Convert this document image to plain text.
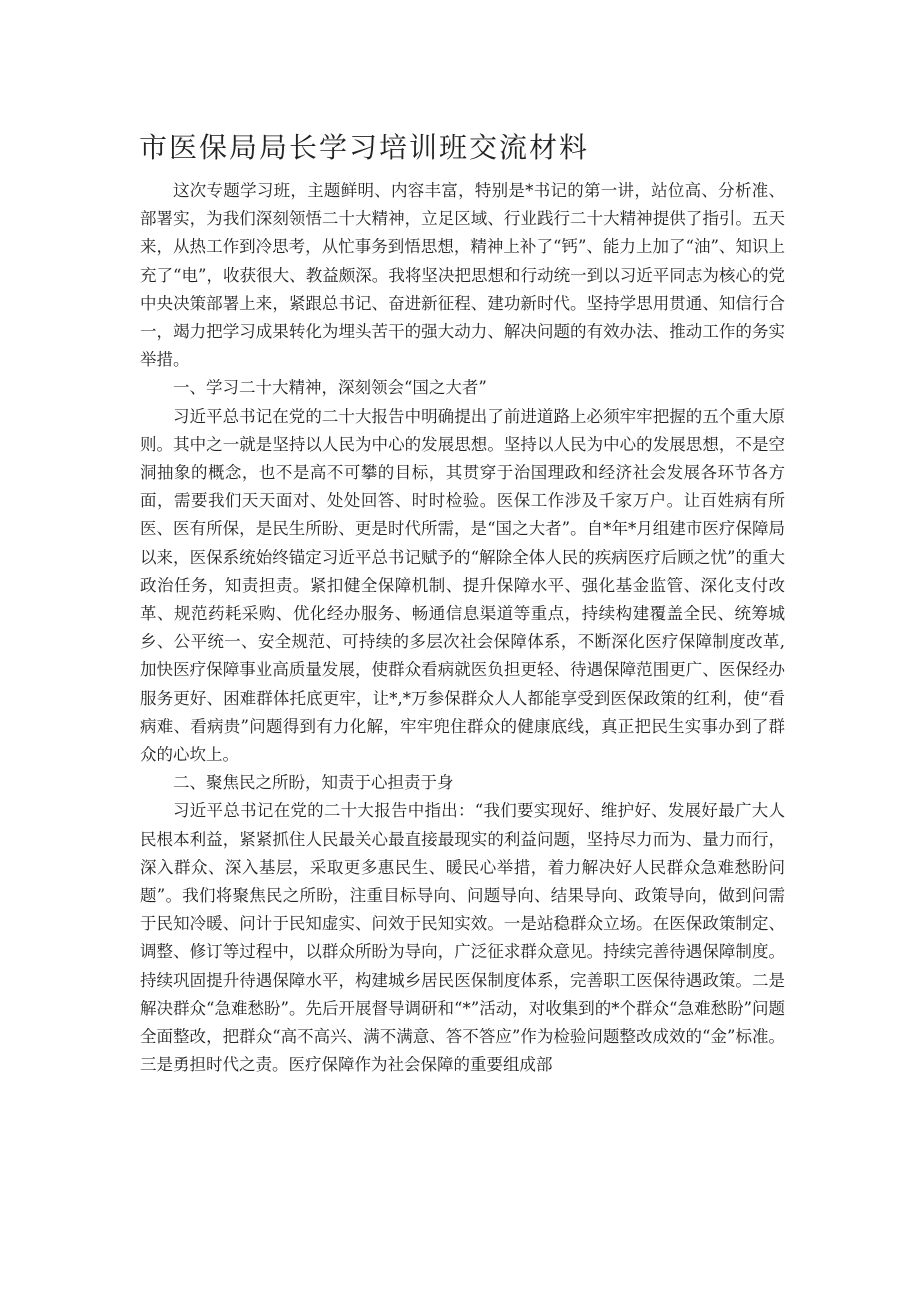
市医保局局长学习培训班交流材料

这次专题学习班，主题鲜明、内容丰富，特别是*书记的第一讲，站位高、分析准、部署实，为我们深刻领悟二十大精神，立足区域、行业践行二十大精神提供了指引。五天来，从热工作到冷思考，从忙事务到悟思想，精神上补了“钙”、能力上加了“油”、知识上充了“电”，收获很大、教益颇深。我将坚决把思想和行动统一到以习近平同志为核心的党中央决策部署上来，紧跟总书记、奋进新征程、建功新时代。坚持学思用贯通、知信行合一，竭力把学习成果转化为埋头苦干的强大动力、解决问题的有效办法、推动工作的务实举措。

一、学习二十大精神，深刻领会“国之大者”

习近平总书记在党的二十大报告中明确提出了前进道路上必须牢牢把握的五个重大原则。其中之一就是坚持以人民为中心的发展思想。坚持以人民为中心的发展思想，不是空洞抽象的概念，也不是高不可攀的目标，其贯穿于治国理政和经济社会发展各环节各方面，需要我们天天面对、处处回答、时时检验。医保工作涉及千家万户。让百姓病有所医、医有所保，是民生所盼、更是时代所需，是“国之大者”。自*年*月组建市医疗保障局以来，医保系统始终锚定习近平总书记赋予的“解除全体人民的疾病医疗后顾之忧”的重大政治任务，知责担责。紧扣健全保障机制、提升保障水平、强化基金监管、深化支付改革、规范药耗采购、优化经办服务、畅通信息渠道等重点，持续构建覆盖全民、统筹城乡、公平统一、安全规范、可持续的多层次社会保障体系，不断深化医疗保障制度改革,加快医疗保障事业高质量发展，使群众看病就医负担更轻、待遇保障范围更广、医保经办服务更好、困难群体托底更牢，让*,*万参保群众人人都能享受到医保政策的红利，使“看病难、看病贵”问题得到有力化解，牢牢兜住群众的健康底线，真正把民生实事办到了群众的心坎上。

二、聚焦民之所盼，知责于心担责于身

习近平总书记在党的二十大报告中指出：“我们要实现好、维护好、发展好最广大人民根本利益，紧紧抓住人民最关心最直接最现实的利益问题，坚持尽力而为、量力而行，深入群众、深入基层，采取更多惠民生、暖民心举措，着力解决好人民群众急难愁盼问题”。我们将聚焦民之所盼，注重目标导向、问题导向、结果导向、政策导向，做到问需于民知冷暖、问计于民知虚实、问效于民知实效。一是站稳群众立场。在医保政策制定、调整、修订等过程中，以群众所盼为导向，广泛征求群众意见。持续完善待遇保障制度。持续巩固提升待遇保障水平，构建城乡居民医保制度体系，完善职工医保待遇政策。二是解决群众“急难愁盼”。先后开展督导调研和“*”活动，对收集到的*个群众“急难愁盼”问题全面整改，把群众“高不高兴、满不满意、答不答应”作为检验问题整改成效的“金”标准。三是勇担时代之责。医疗保障作为社会保障的重要组成部
